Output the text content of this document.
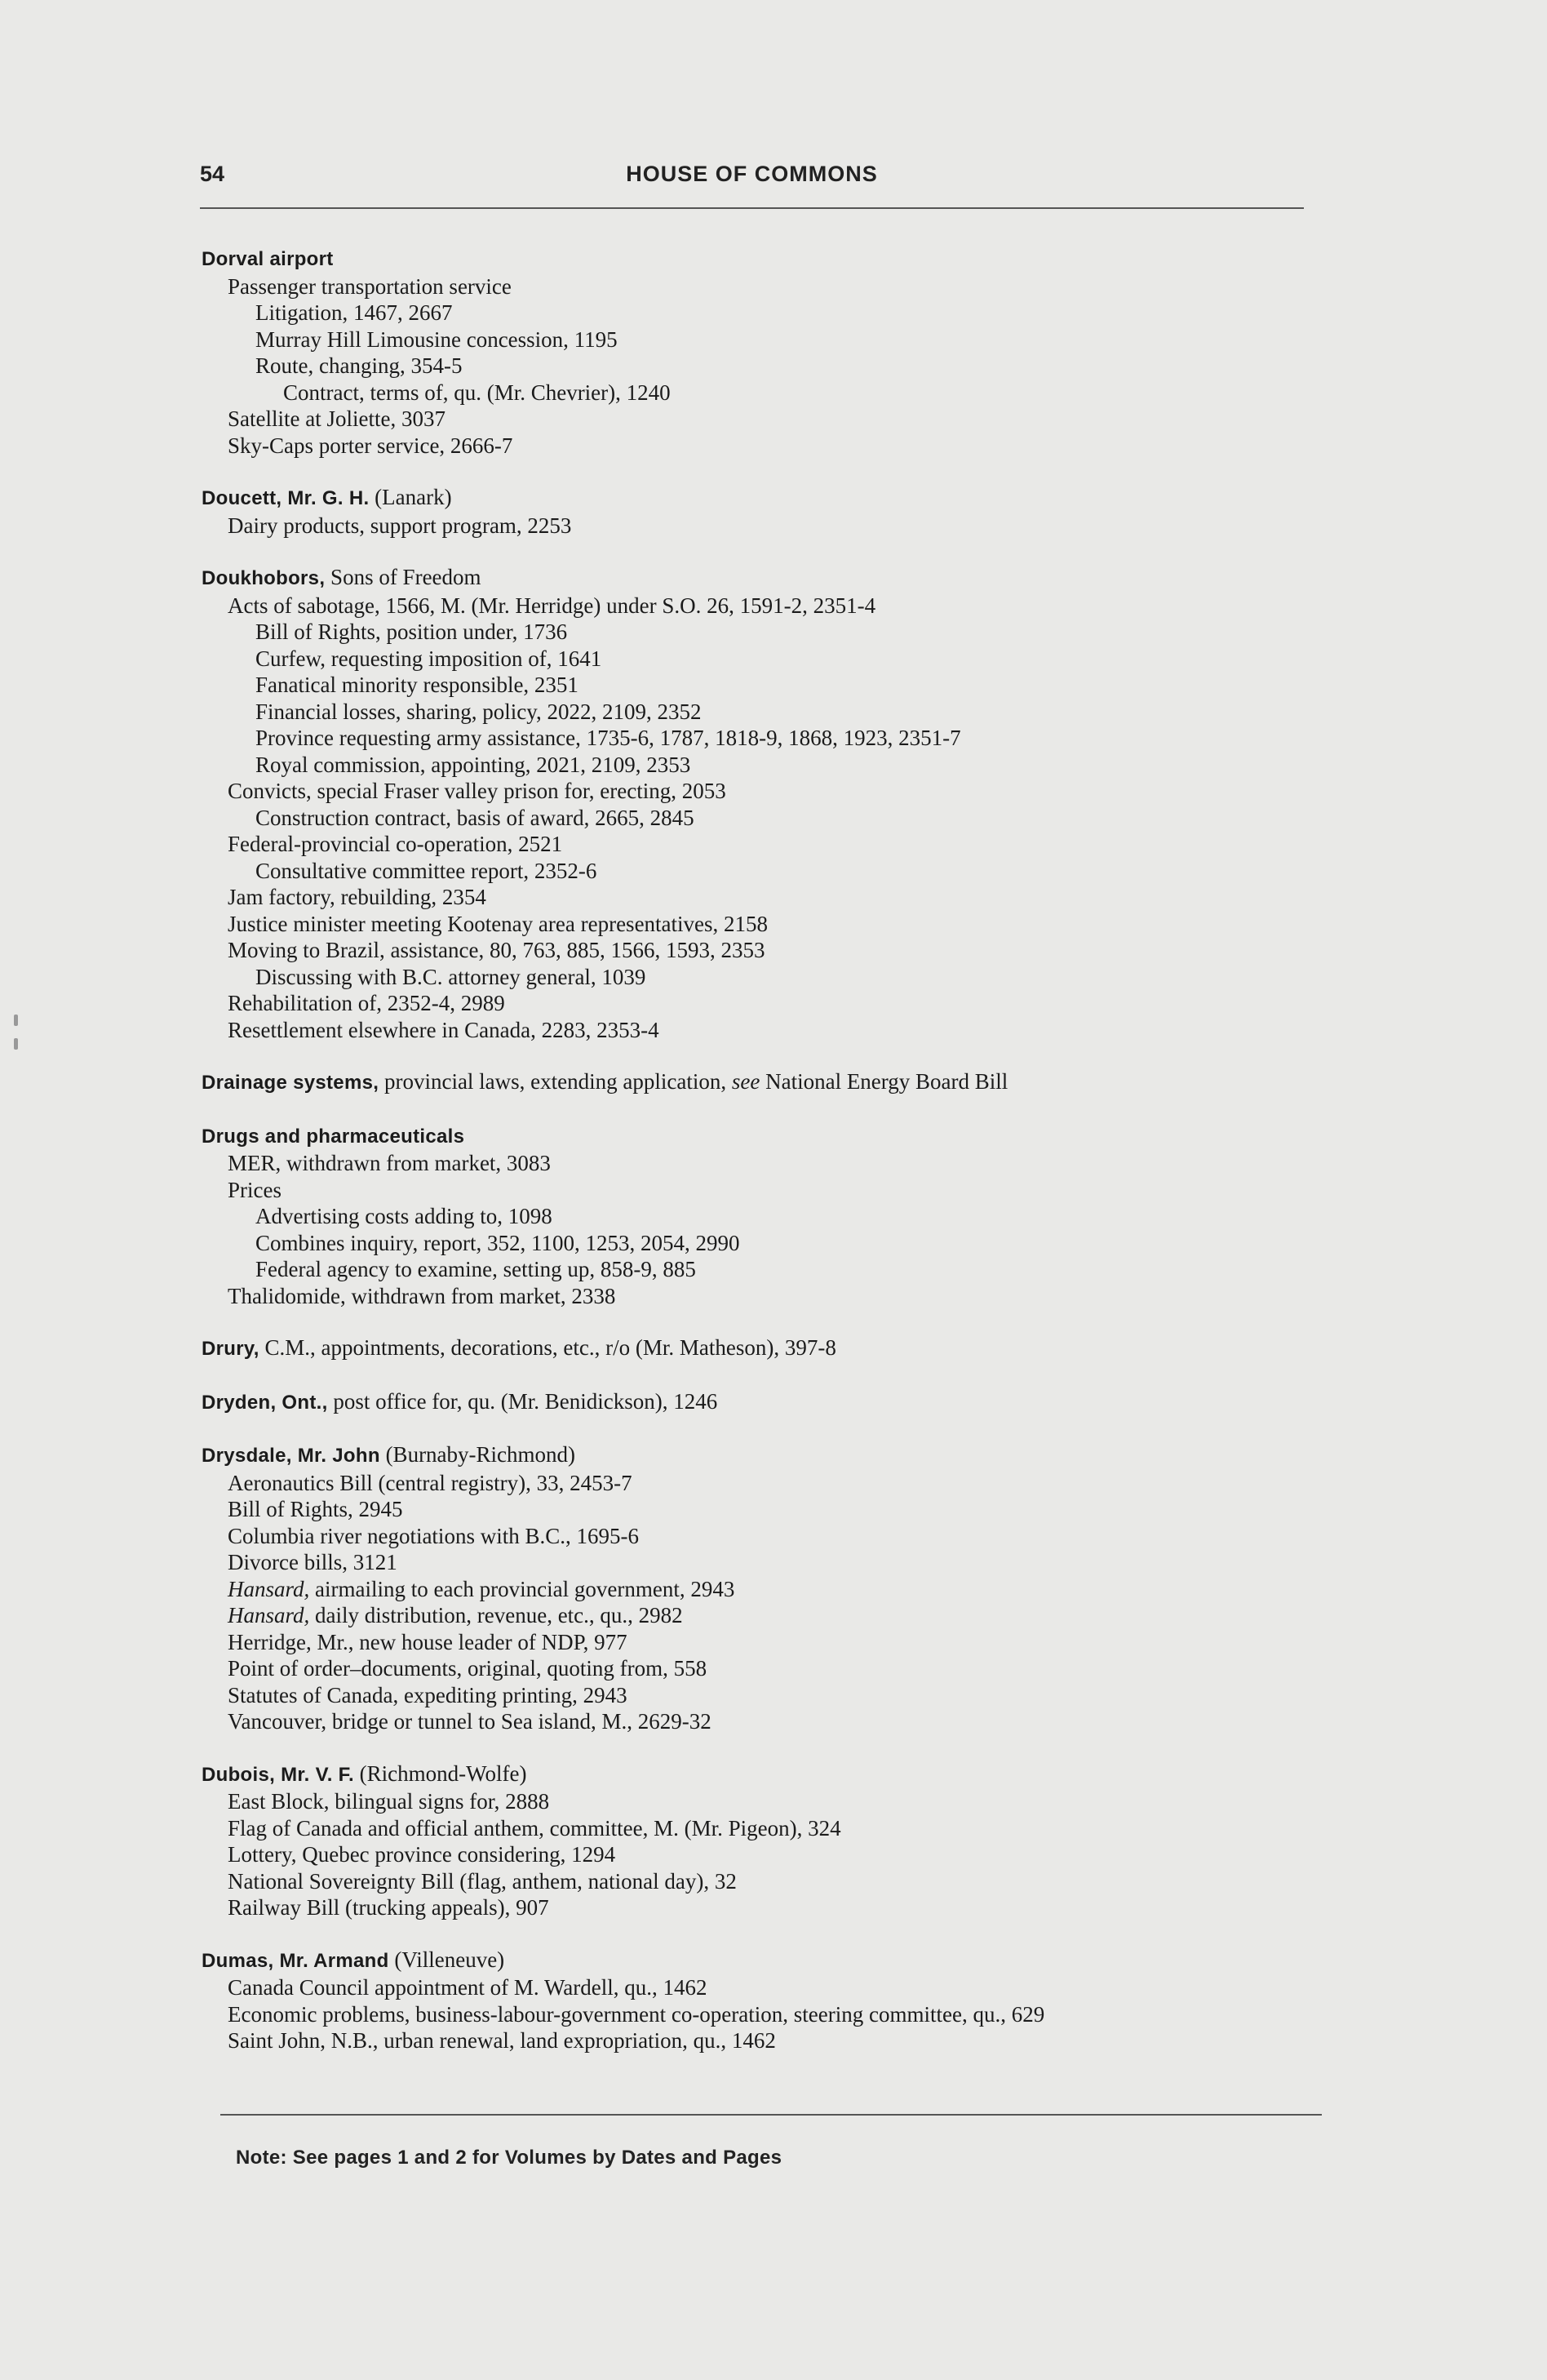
54	HOUSE OF COMMONS
Dorval airport
Passenger transportation service
Litigation, 1467, 2667
Murray Hill Limousine concession, 1195
Route, changing, 354-5
Contract, terms of, qu. (Mr. Chevrier), 1240
Satellite at Joliette, 3037
Sky-Caps porter service, 2666-7
Doucett, Mr. G. H. (Lanark)
Dairy products, support program, 2253
Doukhobors, Sons of Freedom
Acts of sabotage, 1566, M. (Mr. Herridge) under S.O. 26, 1591-2, 2351-4
Bill of Rights, position under, 1736
Curfew, requesting imposition of, 1641
Fanatical minority responsible, 2351
Financial losses, sharing, policy, 2022, 2109, 2352
Province requesting army assistance, 1735-6, 1787, 1818-9, 1868, 1923, 2351-7
Royal commission, appointing, 2021, 2109, 2353
Convicts, special Fraser valley prison for, erecting, 2053
Construction contract, basis of award, 2665, 2845
Federal-provincial co-operation, 2521
Consultative committee report, 2352-6
Jam factory, rebuilding, 2354
Justice minister meeting Kootenay area representatives, 2158
Moving to Brazil, assistance, 80, 763, 885, 1566, 1593, 2353
Discussing with B.C. attorney general, 1039
Rehabilitation of, 2352-4, 2989
Resettlement elsewhere in Canada, 2283, 2353-4
Drainage systems, provincial laws, extending application, see National Energy Board Bill
Drugs and pharmaceuticals
MER, withdrawn from market, 3083
Prices
Advertising costs adding to, 1098
Combines inquiry, report, 352, 1100, 1253, 2054, 2990
Federal agency to examine, setting up, 858-9, 885
Thalidomide, withdrawn from market, 2338
Drury, C.M., appointments, decorations, etc., r/o (Mr. Matheson), 397-8
Dryden, Ont., post office for, qu. (Mr. Benidickson), 1246
Drysdale, Mr. John (Burnaby-Richmond)
Aeronautics Bill (central registry), 33, 2453-7
Bill of Rights, 2945
Columbia river negotiations with B.C., 1695-6
Divorce bills, 3121
Hansard, airmailing to each provincial government, 2943
Hansard, daily distribution, revenue, etc., qu., 2982
Herridge, Mr., new house leader of NDP, 977
Point of order–documents, original, quoting from, 558
Statutes of Canada, expediting printing, 2943
Vancouver, bridge or tunnel to Sea island, M., 2629-32
Dubois, Mr. V. F. (Richmond-Wolfe)
East Block, bilingual signs for, 2888
Flag of Canada and official anthem, committee, M. (Mr. Pigeon), 324
Lottery, Quebec province considering, 1294
National Sovereignty Bill (flag, anthem, national day), 32
Railway Bill (trucking appeals), 907
Dumas, Mr. Armand (Villeneuve)
Canada Council appointment of M. Wardell, qu., 1462
Economic problems, business-labour-government co-operation, steering committee, qu., 629
Saint John, N.B., urban renewal, land expropriation, qu., 1462
Note: See pages 1 and 2 for Volumes by Dates and Pages
